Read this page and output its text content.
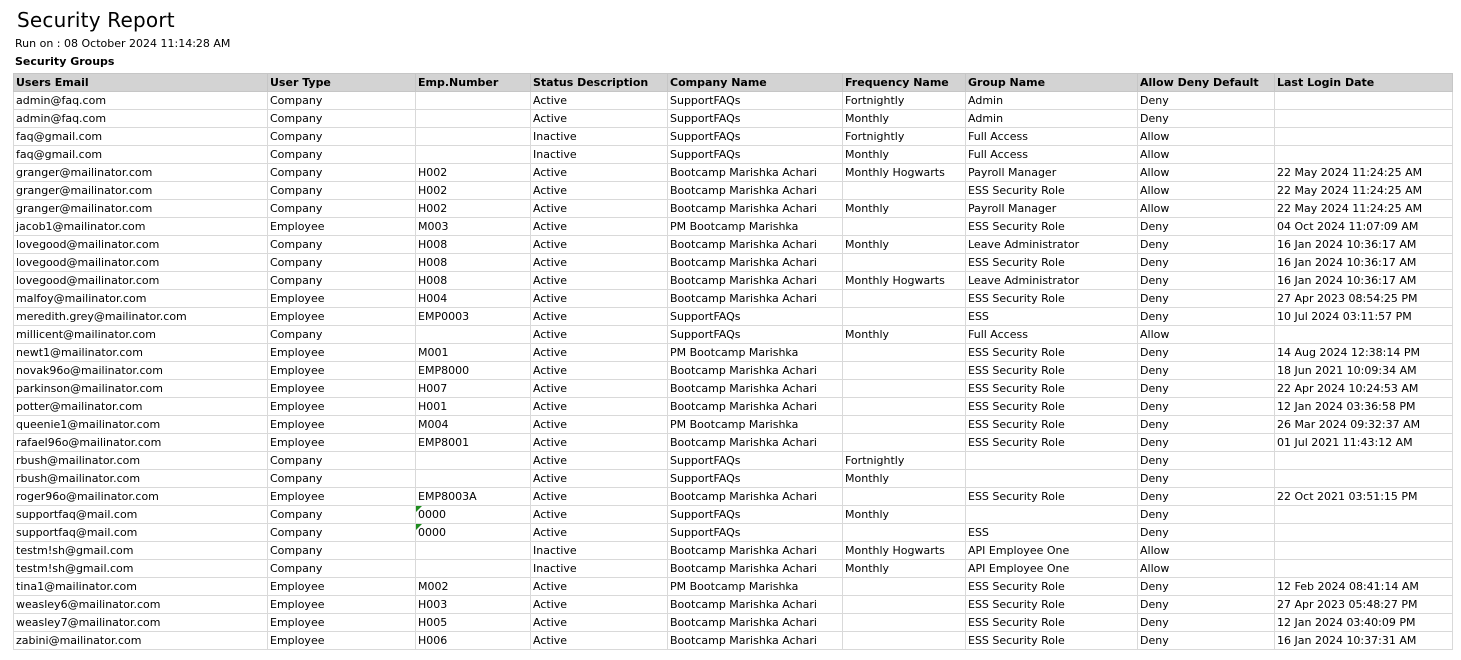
Security Report
Run on : 08 October 2024 11:14:28 AM
Security Groups
Users Email	User Type	Emp.Number	Status Description	Company Name	Frequency Name	Group Name	Allow Deny Default	Last Login Date
admin@faq.com	Company		Active	SupportFAQs	Fortnightly	Admin	Deny	
admin@faq.com	Company		Active	SupportFAQs	Monthly	Admin	Deny	
faq@gmail.com	Company		Inactive	SupportFAQs	Fortnightly	Full Access	Allow	
faq@gmail.com	Company		Inactive	SupportFAQs	Monthly	Full Access	Allow	
granger@mailinator.com	Company	H002	Active	Bootcamp Marishka Achari	Monthly Hogwarts	Payroll Manager	Allow	22 May 2024 11:24:25 AM
granger@mailinator.com	Company	H002	Active	Bootcamp Marishka Achari		ESS Security Role	Allow	22 May 2024 11:24:25 AM
granger@mailinator.com	Company	H002	Active	Bootcamp Marishka Achari	Monthly	Payroll Manager	Allow	22 May 2024 11:24:25 AM
jacob1@mailinator.com	Employee	M003	Active	PM Bootcamp Marishka		ESS Security Role	Deny	04 Oct 2024 11:07:09 AM
lovegood@mailinator.com	Company	H008	Active	Bootcamp Marishka Achari	Monthly	Leave Administrator	Deny	16 Jan 2024 10:36:17 AM
lovegood@mailinator.com	Company	H008	Active	Bootcamp Marishka Achari		ESS Security Role	Deny	16 Jan 2024 10:36:17 AM
lovegood@mailinator.com	Company	H008	Active	Bootcamp Marishka Achari	Monthly Hogwarts	Leave Administrator	Deny	16 Jan 2024 10:36:17 AM
malfoy@mailinator.com	Employee	H004	Active	Bootcamp Marishka Achari		ESS Security Role	Deny	27 Apr 2023 08:54:25 PM
meredith.grey@mailinator.com	Employee	EMP0003	Active	SupportFAQs		ESS	Deny	10 Jul 2024 03:11:57 PM
millicent@mailinator.com	Company		Active	SupportFAQs	Monthly	Full Access	Allow	
newt1@mailinator.com	Employee	M001	Active	PM Bootcamp Marishka		ESS Security Role	Deny	14 Aug 2024 12:38:14 PM
novak96o@mailinator.com	Employee	EMP8000	Active	Bootcamp Marishka Achari		ESS Security Role	Deny	18 Jun 2021 10:09:34 AM
parkinson@mailinator.com	Employee	H007	Active	Bootcamp Marishka Achari		ESS Security Role	Deny	22 Apr 2024 10:24:53 AM
potter@mailinator.com	Employee	H001	Active	Bootcamp Marishka Achari		ESS Security Role	Deny	12 Jan 2024 03:36:58 PM
queenie1@mailinator.com	Employee	M004	Active	PM Bootcamp Marishka		ESS Security Role	Deny	26 Mar 2024 09:32:37 AM
rafael96o@mailinator.com	Employee	EMP8001	Active	Bootcamp Marishka Achari		ESS Security Role	Deny	01 Jul 2021 11:43:12 AM
rbush@mailinator.com	Company		Active	SupportFAQs	Fortnightly		Deny	
rbush@mailinator.com	Company		Active	SupportFAQs	Monthly		Deny	
roger96o@mailinator.com	Employee	EMP8003A	Active	Bootcamp Marishka Achari		ESS Security Role	Deny	22 Oct 2021 03:51:15 PM
supportfaq@mail.com	Company	0000	Active	SupportFAQs	Monthly		Deny	
supportfaq@mail.com	Company	0000	Active	SupportFAQs		ESS	Deny	
testm!sh@gmail.com	Company		Inactive	Bootcamp Marishka Achari	Monthly Hogwarts	API Employee One	Allow	
testm!sh@gmail.com	Company		Inactive	Bootcamp Marishka Achari	Monthly	API Employee One	Allow	
tina1@mailinator.com	Employee	M002	Active	PM Bootcamp Marishka		ESS Security Role	Deny	12 Feb 2024 08:41:14 AM
weasley6@mailinator.com	Employee	H003	Active	Bootcamp Marishka Achari		ESS Security Role	Deny	27 Apr 2023 05:48:27 PM
weasley7@mailinator.com	Employee	H005	Active	Bootcamp Marishka Achari		ESS Security Role	Deny	12 Jan 2024 03:40:09 PM
zabini@mailinator.com	Employee	H006	Active	Bootcamp Marishka Achari		ESS Security Role	Deny	16 Jan 2024 10:37:31 AM
